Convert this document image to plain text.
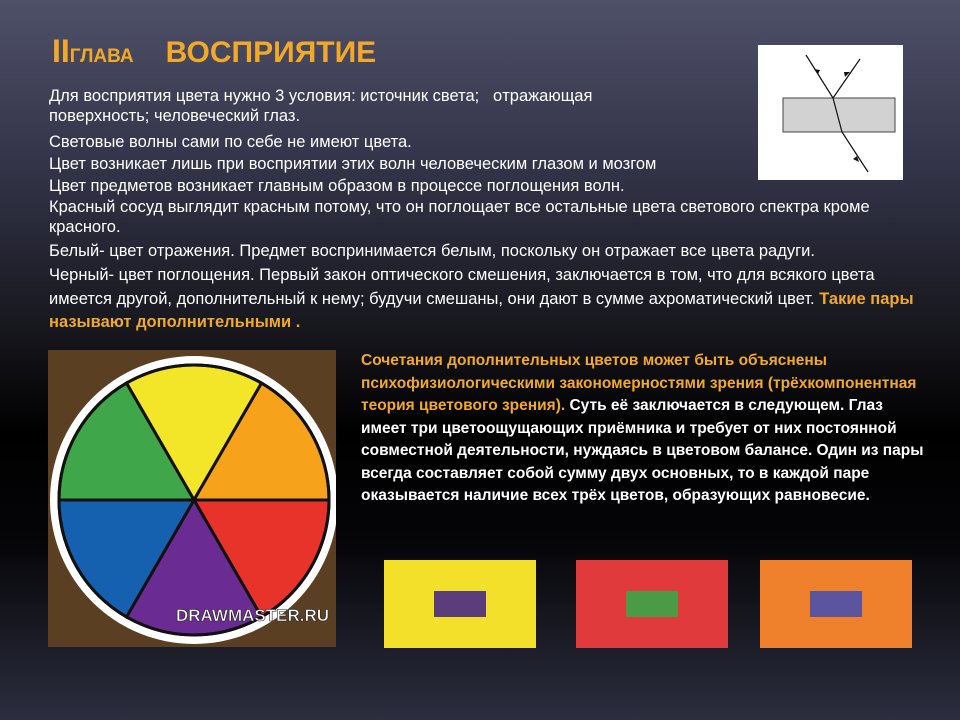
IIГЛАВА ВОСПРИЯТИЕ

Для восприятия цвета нужно 3 условия: источник света; oтражающая
поверхность; человеческий глаз.

Световые волны сами по себе не имеют цвета.
Цвет возникает лишь при восприятии этих волн человеческим глазом и мозгом
Цвет предметов возникает главным образом в процессе поглощения волн.

Красный сосуд выглядит красным потому, что он поглощает все остальные цвета светового спектра кроме красного.

Белый- цвет отражения. Предмет воспринимается белым, поскольку он отражает все цвета радуги.

Черный- цвет поглощения. Первый закон оптического смешения, заключается в том, что для всякого цвета имеется другой, дополнительный к нему; будучи смешаны, они дают в сумме ахроматический цвет. Такие пары называют дополнительными .

DRAWMASTER.RU

Сочетания дополнительных цветов может быть объяснены психофизиологическими закономерностями зрения (трёхкомпонентная теория цветового зрения). Суть её заключается в следующем. Глаз имеет три цветоощущающих приёмника и требует от них постоянной совместной деятельности, нуждаясь в цветовом балансе. Один из пары всегда составляет собой сумму двух основных, то в каждой паре оказывается наличие всех трёх цветов, образующих равновесие.
